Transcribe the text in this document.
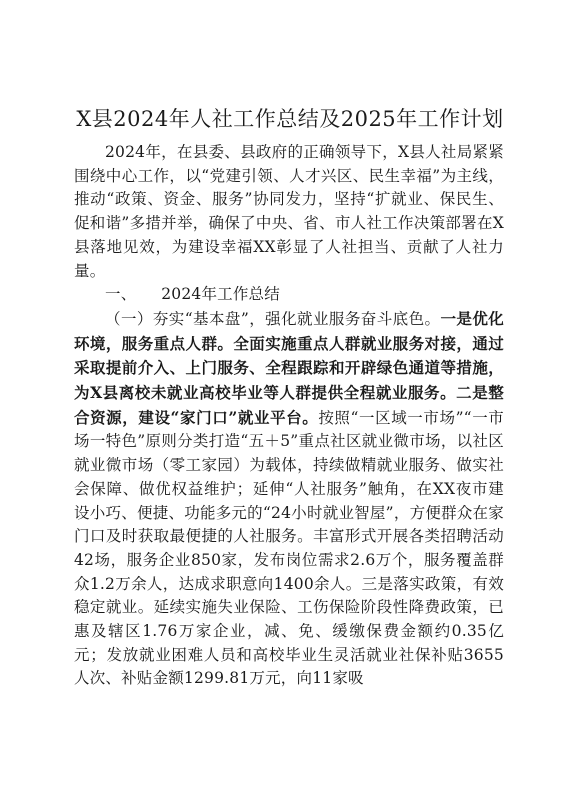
X县2024年人社工作总结及2025年工作计划

2024年，在县委、县政府的正确领导下，X县人社局紧紧围绕中心工作，以“党建引领、人才兴区、民生幸福”为主线，推动“政策、资金、服务”协同发力，坚持“扩就业、保民生、促和谐”多措并举，确保了中央、省、市人社工作决策部署在X县落地见效，为建设幸福XX彰显了人社担当、贡献了人社力量。

一、 2024年工作总结

（一）夯实“基本盘”，强化就业服务奋斗底色。一是优化环境，服务重点人群。全面实施重点人群就业服务对接，通过采取提前介入、上门服务、全程跟踪和开辟绿色通道等措施，为X县离校未就业高校毕业等人群提供全程就业服务。二是整合资源，建设“家门口”就业平台。按照“一区域一市场”“一市场一特色”原则分类打造“五＋5”重点社区就业微市场，以社区就业微市场（零工家园）为载体，持续做精就业服务、做实社会保障、做优权益维护；延伸“人社服务”触角，在XX夜市建设小巧、便捷、功能多元的“24小时就业智屋”，方便群众在家门口及时获取最便捷的人社服务。丰富形式开展各类招聘活动42场，服务企业850家，发布岗位需求2.6万个，服务覆盖群众1.2万余人，达成求职意向1400余人。三是落实政策，有效稳定就业。延续实施失业保险、工伤保险阶段性降费政策，已惠及辖区1.76万家企业，减、免、缓缴保费金额约0.35亿元；发放就业困难人员和高校毕业生灵活就业社保补贴3655人次、补贴金额1299.81万元，向11家吸
